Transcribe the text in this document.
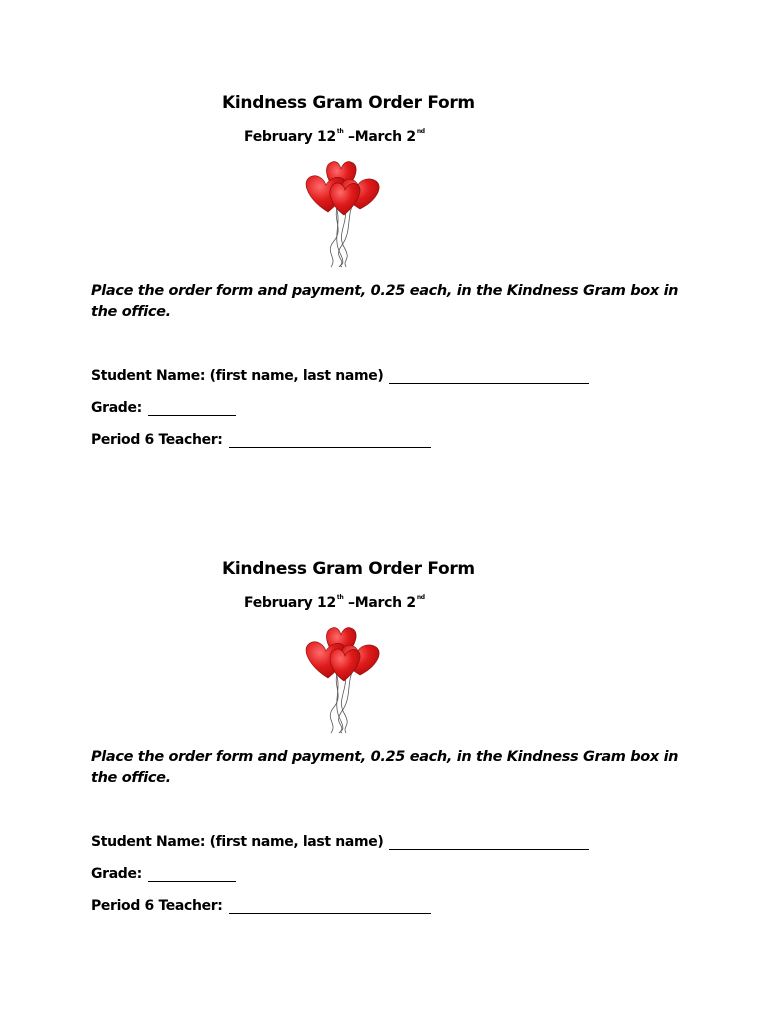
Kindness Gram Order Form
February 12th –March 2nd
Place the order form and payment, 0.25 each, in the Kindness Gram box in the office.
Student Name: (first name, last name)
Grade:
Period 6 Teacher:
Kindness Gram Order Form
February 12th –March 2nd
Place the order form and payment, 0.25 each, in the Kindness Gram box in the office.
Student Name: (first name, last name)
Grade:
Period 6 Teacher:
